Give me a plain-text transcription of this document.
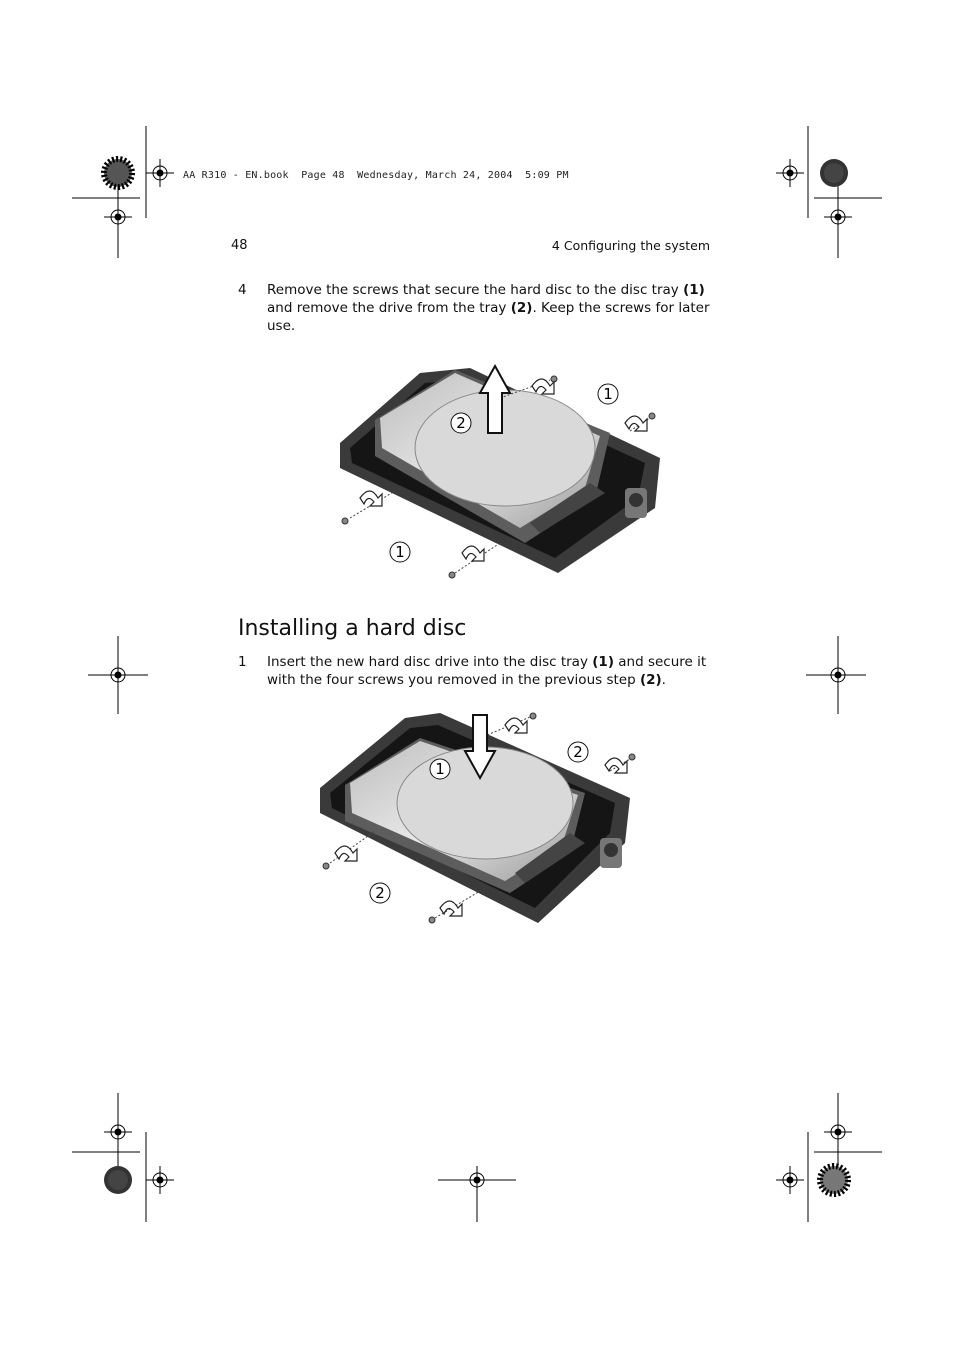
AA R310 - EN.book  Page 48  Wednesday, March 24, 2004  5:09 PM
48	4 Configuring the system
4	Remove the screws that secure the hard disc to the disc tray (1) and remove the drive from the tray (2). Keep the screws for later use.
1
2
1
Installing a hard disc
1	Insert the new hard disc drive into the disc tray (1) and secure it with the four screws you removed in the previous step (2).
1
2
2
